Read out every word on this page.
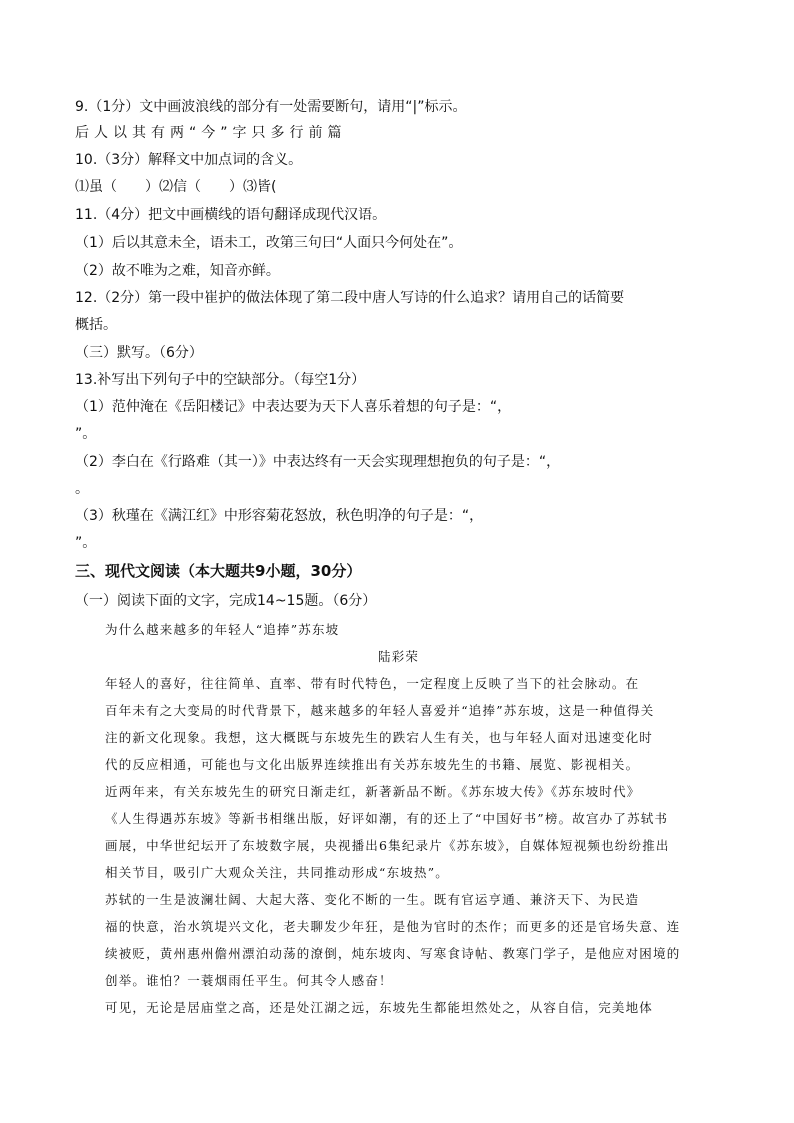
9.（1分）文中画波浪线的部分有一处需要断句，请用“|”标示。
后人以其有两“今”字只多行前篇
10.（3分）解释文中加点词的含义。
⑴虽（　　）⑵信（　　）⑶皆(
11.（4分）把文中画横线的语句翻译成现代汉语。
（1）后以其意未全，语未工，改第三句曰“人面只今何处在”。
（2）故不唯为之难，知音亦鲜。
12.（2分）第一段中崔护的做法体现了第二段中唐人写诗的什么追求？请用自己的话简要
概括。
（三）默写。（6分）
13.补写出下列句子中的空缺部分。（每空1分）
（1）范仲淹在《岳阳楼记》中表达要为天下人喜乐着想的句子是：“，
”。
（2）李白在《行路难（其一）》中表达终有一天会实现理想抱负的句子是：“，
。
（3）秋瑾在《满江红》中形容菊花怒放，秋色明净的句子是：“，
”。
三、现代文阅读（本大题共9小题，30分）
（一）阅读下面的文字，完成14~15题。（6分）
为什么越来越多的年轻人“追捧”苏东坡
陆彩荣
年轻人的喜好，往往简单、直率、带有时代特色，一定程度上反映了当下的社会脉动。在
百年未有之大变局的时代背景下，越来越多的年轻人喜爱并“追捧”苏东坡，这是一种值得关
注的新文化现象。我想，这大概既与东坡先生的跌宕人生有关，也与年轻人面对迅速变化时
代的反应相通，可能也与文化出版界连续推出有关苏东坡先生的书籍、展览、影视相关。
近两年来，有关东坡先生的研究日渐走红，新著新品不断。《苏东坡大传》《苏东坡时代》
《人生得遇苏东坡》等新书相继出版，好评如潮，有的还上了“中国好书”榜。故宫办了苏轼书
画展，中华世纪坛开了东坡数字展，央视播出6集纪录片《苏东坡》，自媒体短视频也纷纷推出
相关节目，吸引广大观众关注，共同推动形成“东坡热”。
苏轼的一生是波澜壮阔、大起大落、变化不断的一生。既有官运亨通、兼济天下、为民造
福的快意，治水筑堤兴文化，老夫聊发少年狂，是他为官时的杰作；而更多的还是官场失意、连
续被贬，黄州惠州儋州漂泊动荡的潦倒，炖东坡肉、写寒食诗帖、教寒门学子，是他应对困境的
创举。谁怕？一蓑烟雨任平生。何其令人感奋！
可见，无论是居庙堂之高，还是处江湖之远，东坡先生都能坦然处之，从容自信，完美地体
